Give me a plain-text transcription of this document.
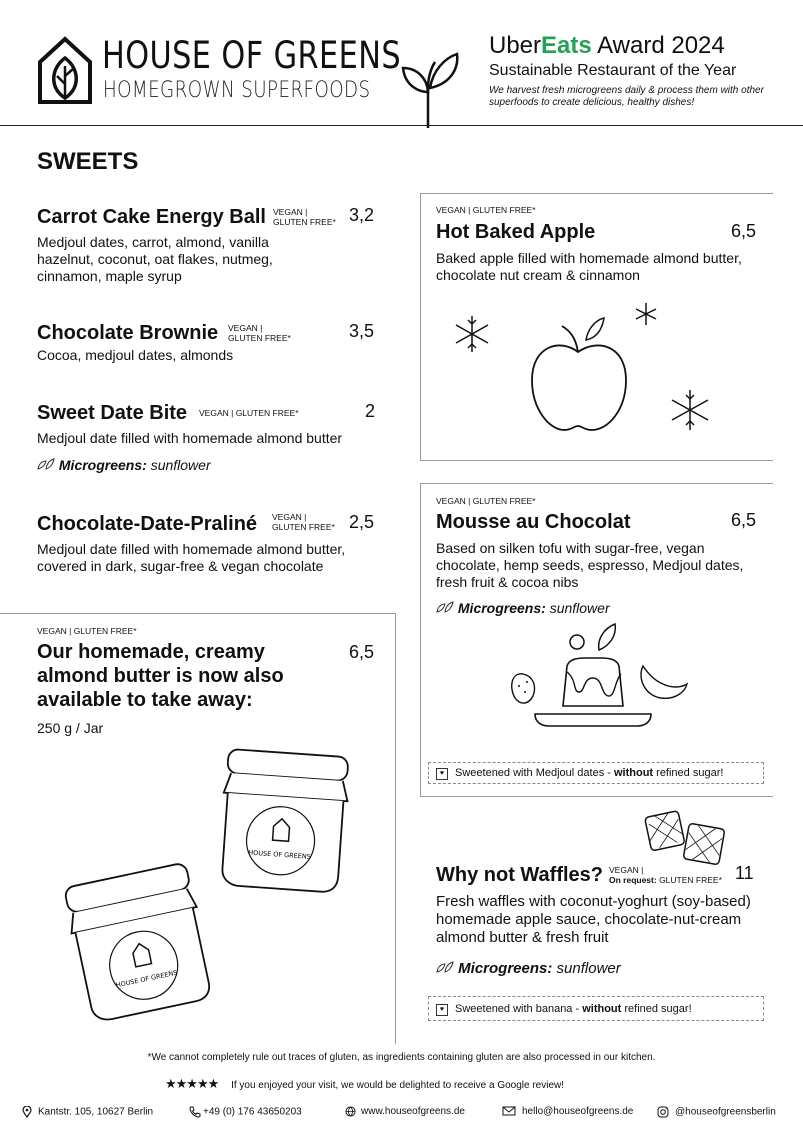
HOUSE OF GREENS
HOMEGROWN SUPERFOODS
UberEats Award 2024
Sustainable Restaurant of the Year
We harvest fresh microgreens daily & process them with other superfoods to create delicious, healthy dishes!
SWEETS
Carrot Cake Energy Ball VEGAN | GLUTEN FREE* 3,2
Medjoul dates, carrot, almond, vanilla hazelnut, coconut, oat flakes, nutmeg, cinnamon, maple syrup
Chocolate Brownie VEGAN | GLUTEN FREE*	3,5
Cocoa, medjoul dates, almonds
Sweet Date Bite VEGAN | GLUTEN FREE*	2
Medjoul date filled with homemade almond butter
Microgreens: sunflower
Chocolate-Date-Praliné VEGAN | GLUTEN FREE* 2,5
Medjoul date filled with homemade almond butter, covered in dark, sugar-free & vegan chocolate
VEGAN | GLUTEN FREE*
Our homemade, creamy almond butter is now also available to take away:
6,5
250 g / Jar
HOUSE OF GREENS
HOUSE OF GREENS
VEGAN | GLUTEN FREE*
Hot Baked Apple	6,5
Baked apple filled with homemade almond butter, chocolate nut cream & cinnamon
VEGAN | GLUTEN FREE*
Mousse au Chocolat	6,5
Based on silken tofu with sugar-free, vegan chocolate, hemp seeds, espresso, Medjoul dates, fresh fruit & cocoa nibs
Microgreens: sunflower
♥ Sweetened with Medjoul dates - without refined sugar!
Why not Waffles? VEGAN |
On request: GLUTEN FREE* 11
Fresh waffles with coconut-yoghurt (soy-based) homemade apple sauce, chocolate-nut-cream almond butter & fresh fruit
Microgreens: sunflower
♥ Sweetened with banana - without refined sugar!
*We cannot completely rule out traces of gluten, as ingredients containing gluten are also processed in our kitchen.
★★★★★ If you enjoyed your visit, we would be delighted to receive a Google review!
Kantstr. 105, 10627 Berlin	+49 (0) 176 43650203	www.houseofgreens.de	hello@houseofgreens.de	@houseofgreensberlin
